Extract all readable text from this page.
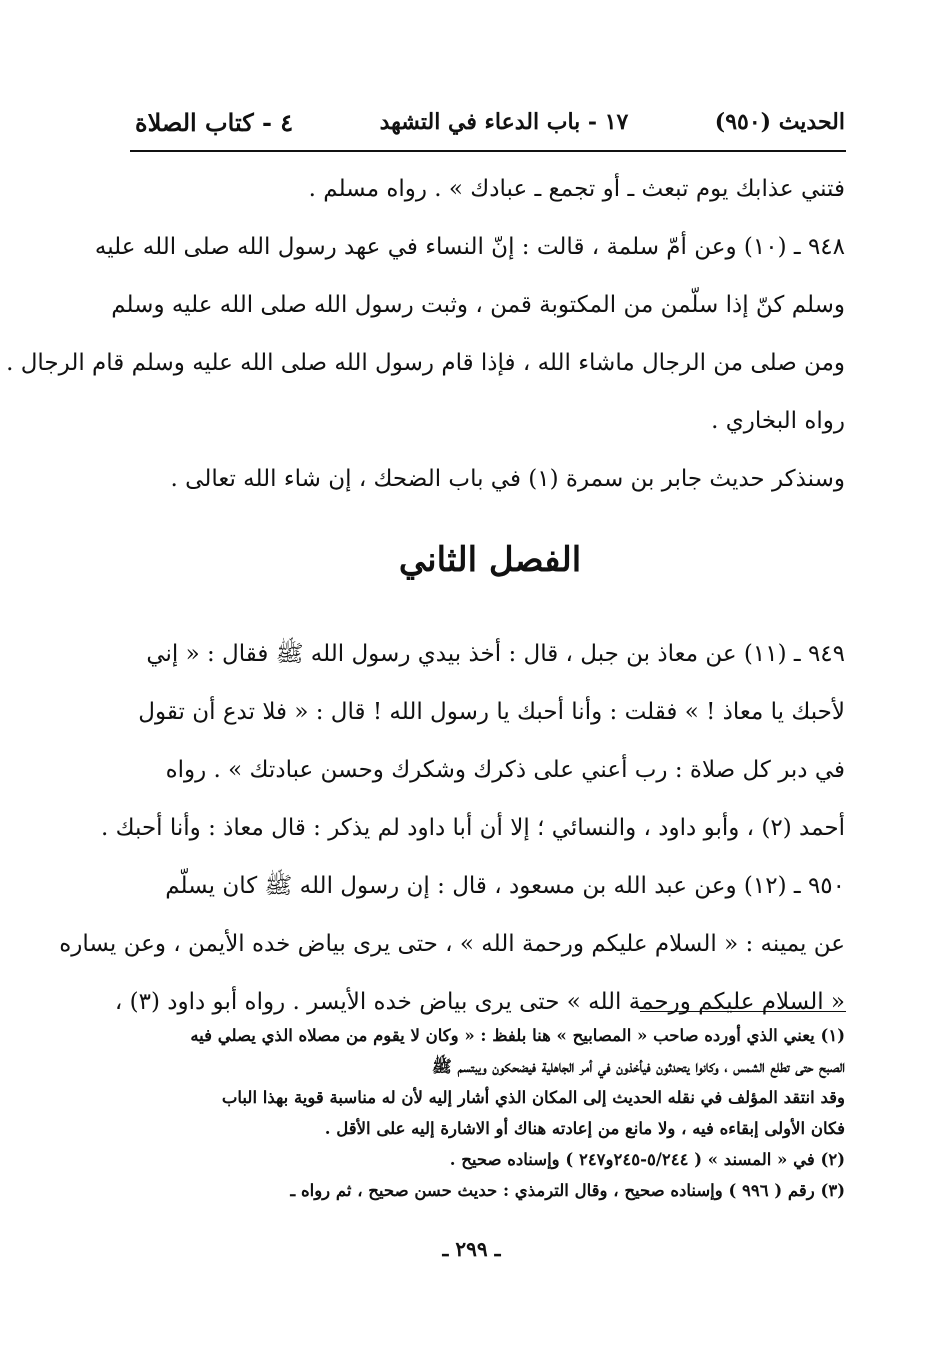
٤ - كتاب الصلاة	١٧ - باب الدعاء في التشهد	الحديث (٩٥٠)
فتني عذابك يوم تبعث ـ أو تجمع ـ عبادك » . رواه مسلم .
٩٤٨ ـ (١٠) وعن أمّ سلمة ، قالت : إنّ النساء في عهد رسول الله صلى الله عليه
وسلم كنّ إذا سلّمن من المكتوبة قمن ، وثبت رسول الله صلى الله عليه وسلم
ومن صلى من الرجال ماشاء الله ، فإذا قام رسول الله صلى الله عليه وسلم قام الرجال .
رواه البخاري .
وسنذكر حديث جابر بن سمرة (١) في باب الضحك ، إن شاء الله تعالى .
الفصل الثاني
٩٤٩ ـ (١١) عن معاذ بن جبل ، قال : أخذ بيدي رسول الله ﷺ فقال : « إني
لأحبك يا معاذ ! » فقلت : وأنا أحبك يا رسول الله ! قال : « فلا تدع أن تقول
في دبر كل صلاة : رب أعني على ذكرك وشكرك وحسن عبادتك » . رواه
أحمد (٢) ، وأبو داود ، والنسائي ؛ إلا أن أبا داود لم يذكر : قال معاذ : وأنا أحبك .
٩٥٠ ـ (١٢) وعن عبد الله بن مسعود ، قال : إن رسول الله ﷺ كان يسلّم
عن يمينه : « السلام عليكم ورحمة الله » ، حتى يرى بياض خده الأيمن ، وعن يساره
« السلام عليكم ورحمة الله » حتى يرى بياض خده الأيسر . رواه أبو داود (٣) ،
(١) يعني الذي أورده صاحب « المصابيح » هنا بلفظ : « وكان لا يقوم من مصلاه الذي يصلي فيه
الصبح حتى تطلع الشمس ، وكانوا يتحدثون فيأخذون في أمر الجاهلية فيضحكون ويبتسم ﷺ
وقد انتقد المؤلف في نقله الحديث إلى المكان الذي أشار إليه لأن له مناسبة قوية بهذا الباب
فكان الأولى إبقاءه فيه ، ولا مانع من إعادته هناك أو الاشارة إليه على الأقل .
(٢) في « المسند » ( ٥/٢٤٤-٢٤٥و٢٤٧ ) وإسناده صحيح .
(٣) رقم ( ٩٩٦ ) وإسناده صحيح ، وقال الترمذي : حديث حسن صحيح ، ثم رواه ـ
ـ ٢٩٩ ـ
